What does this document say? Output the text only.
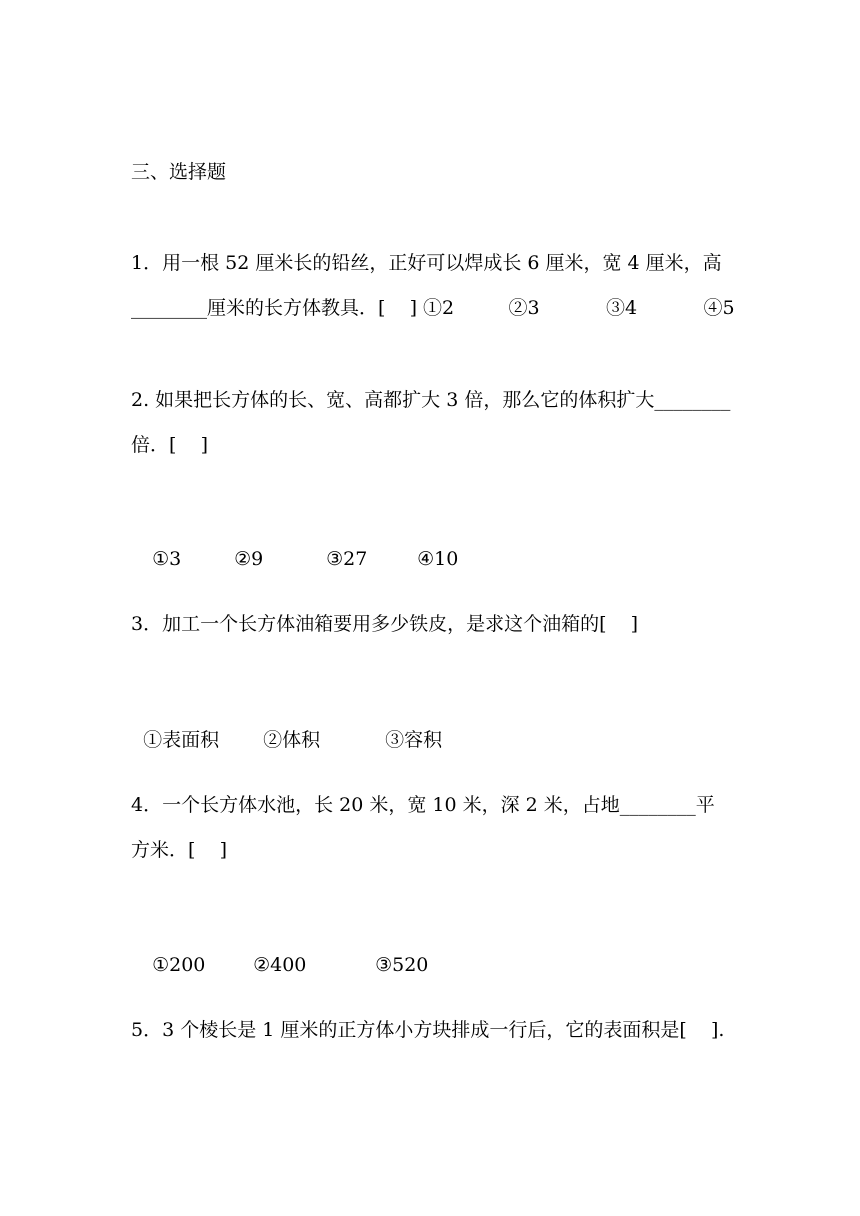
三、选择题

1．用一根 52 厘米长的铅丝，正好可以焊成长 6 厘米，宽 4 厘米，高

________厘米的长方体教具．[    ] ①2         ②3           ③4           ④5

2. 如果把长方体的长、宽、高都扩大 3 倍，那么它的体积扩大________

倍．[    ]

①3	②9	③27	④10

3．加工一个长方体油箱要用多少铁皮，是求这个油箱的[    ]

①表面积 ②体积	③容积

4．一个长方体水池，长 20 米，宽 10 米，深 2 米，占地________平

方米．[    ]

①200	②400	③520

5．3 个棱长是 1 厘米的正方体小方块排成一行后，它的表面积是[    ].
